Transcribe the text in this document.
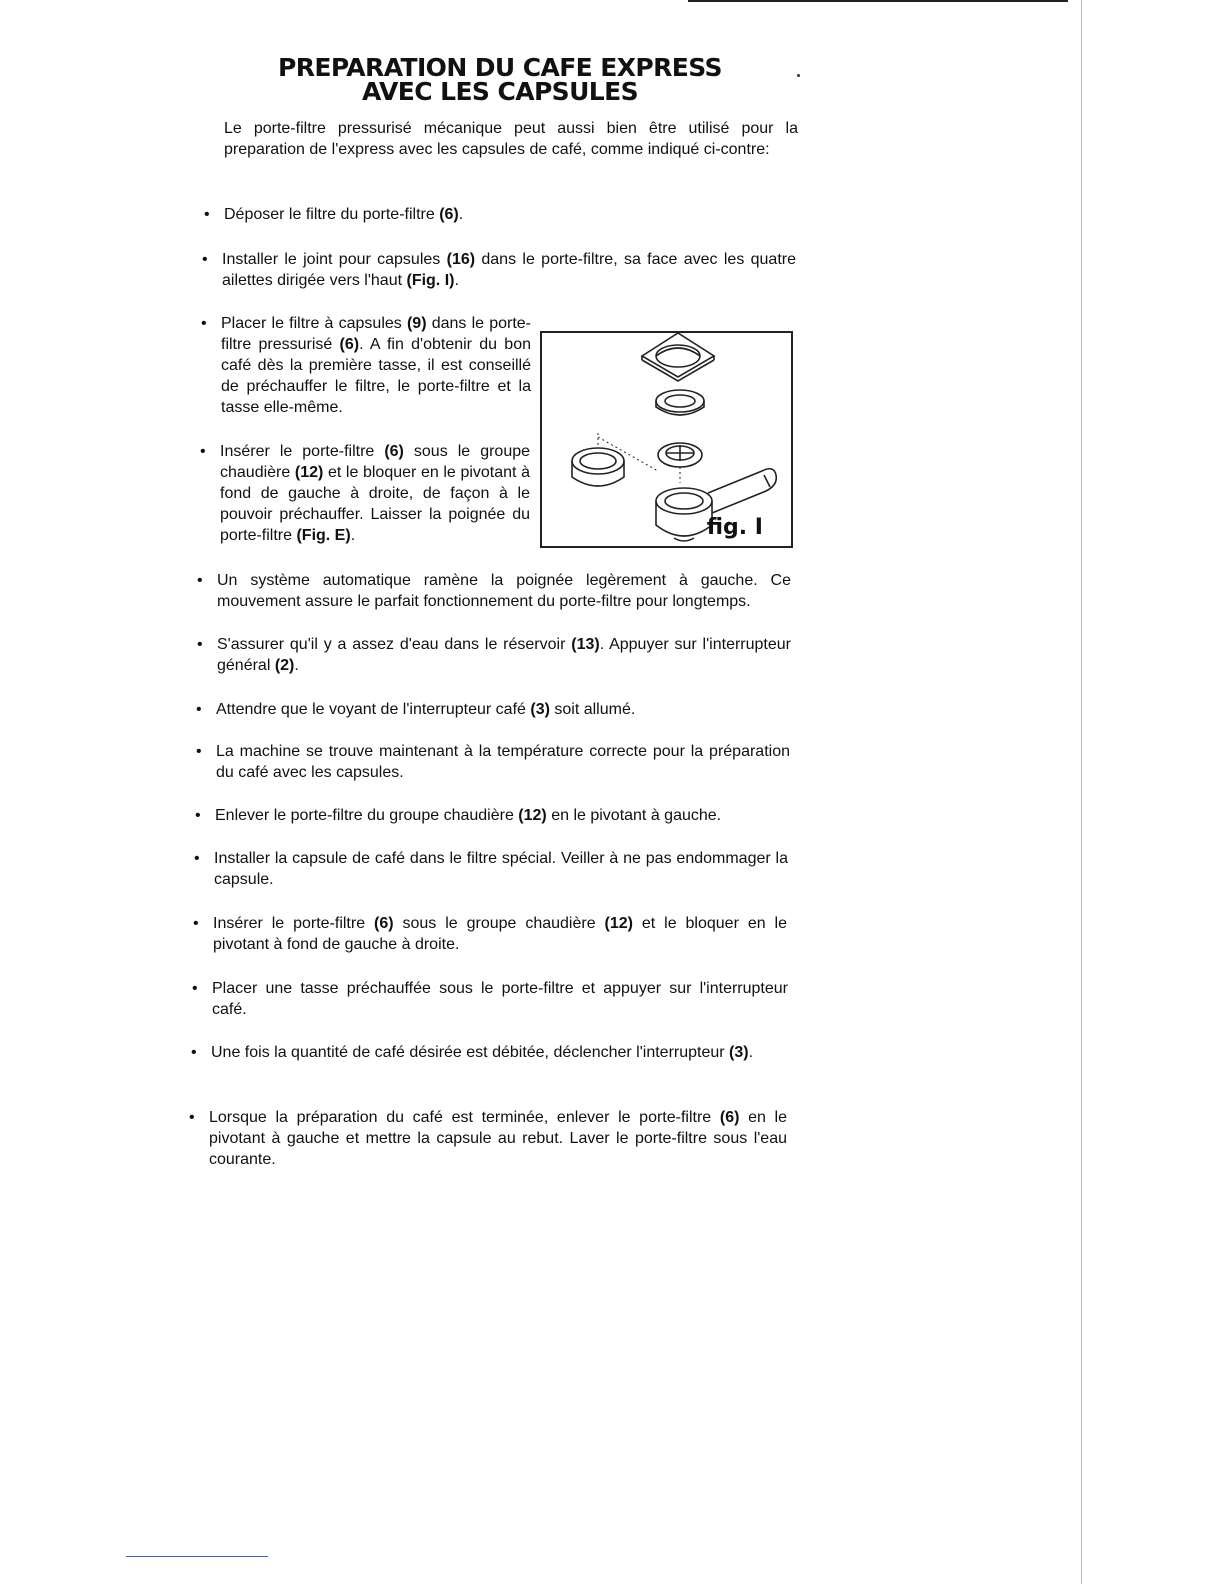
PREPARATION DU CAFE EXPRESS
AVEC LES CAPSULES

Le porte-filtre pressurisé mécanique peut aussi bien être utilisé pour la preparation de l'express avec les capsules de café, comme indiqué ci-contre:

• Déposer le filtre du porte-filtre (6).
• Installer le joint pour capsules (16) dans le porte-filtre, sa face avec les quatre ailettes dirigée vers l'haut (Fig. I).
• Placer le filtre à capsules (9) dans le porte-filtre pressurisé (6). A fin d'obtenir du bon café dès la première tasse, il est conseillé de préchauffer le filtre, le porte-filtre et la tasse elle-même.
• Insérer le porte-filtre (6) sous le groupe chaudière (12) et le bloquer en le pivotant à fond de gauche à droite, de façon à le pouvoir préchauffer. Laisser la poignée du porte-filtre (Fig. E).	fig. I
• Un système automatique ramène la poignée legèrement à gauche. Ce mouvement assure le parfait fonctionnement du porte-filtre pour longtemps.
• S'assurer qu'il y a assez d'eau dans le réservoir (13). Appuyer sur l'interrupteur général (2).
• Attendre que le voyant de l'interrupteur café (3) soit allumé.
• La machine se trouve maintenant à la température correcte pour la préparation du café avec les capsules.
• Enlever le porte-filtre du groupe chaudière (12) en le pivotant à gauche.
• Installer la capsule de café dans le filtre spécial. Veiller à ne pas endommager la capsule.
• Insérer le porte-filtre (6) sous le groupe chaudière (12) et le bloquer en le pivotant à fond de gauche à droite.
• Placer une tasse préchauffée sous le porte-filtre et appuyer sur l'interrupteur café.
• Une fois la quantité de café désirée est débitée, déclencher l'interrupteur (3).
• Lorsque la préparation du café est terminée, enlever le porte-filtre (6) en le pivotant à gauche et mettre la capsule au rebut. Laver le porte-filtre sous l'eau courante.
